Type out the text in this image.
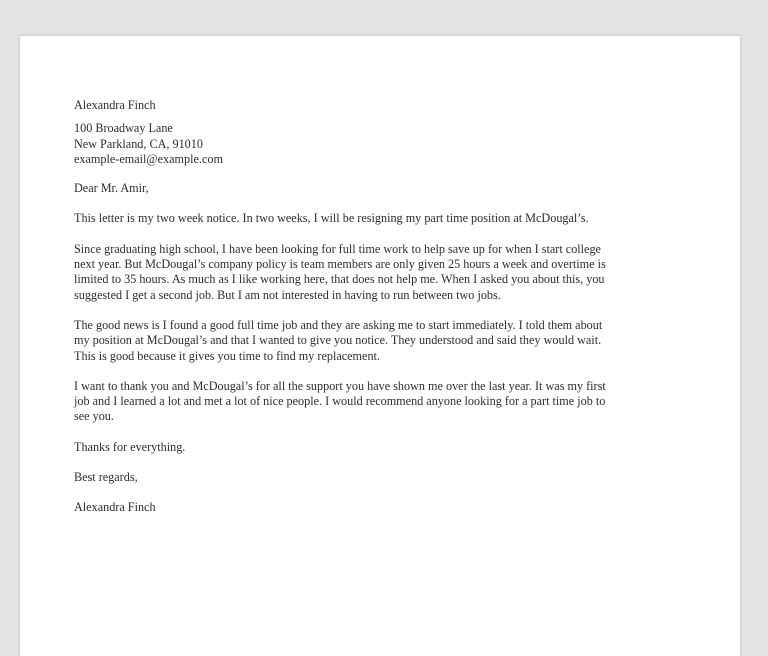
Alexandra Finch
100 Broadway Lane
New Parkland, CA, 91010
example-email@example.com
Dear Mr. Amir,
This letter is my two week notice. In two weeks, I will be resigning my part time position at McDougal’s.
Since graduating high school, I have been looking for full time work to help save up for when I start college
next year. But McDougal’s company policy is team members are only given 25 hours a week and overtime is
limited to 35 hours. As much as I like working here, that does not help me. When I asked you about this, you
suggested I get a second job. But I am not interested in having to run between two jobs.
The good news is I found a good full time job and they are asking me to start immediately. I told them about
my position at McDougal’s and that I wanted to give you notice. They understood and said they would wait.
This is good because it gives you time to find my replacement.
I want to thank you and McDougal’s for all the support you have shown me over the last year. It was my first
job and I learned a lot and met a lot of nice people. I would recommend anyone looking for a part time job to
see you.
Thanks for everything.
Best regards,
Alexandra Finch
